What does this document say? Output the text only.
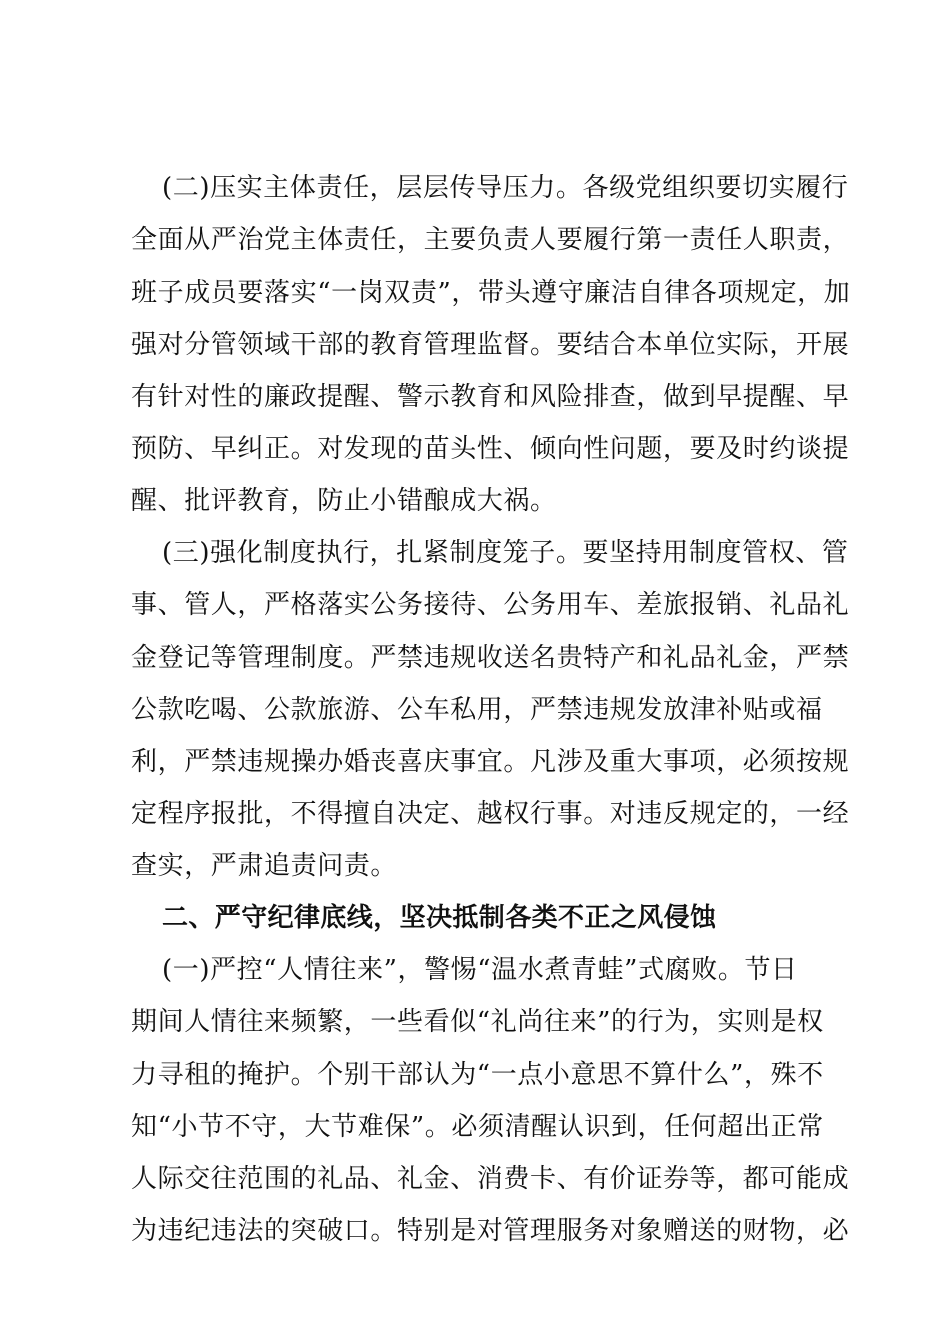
(二)压实主体责任，层层传导压力。各级党组织要切实履行
全面从严治党主体责任，主要负责人要履行第一责任人职责，
班子成员要落实“一岗双责”，带头遵守廉洁自律各项规定，加
强对分管领域干部的教育管理监督。要结合本单位实际，开展
有针对性的廉政提醒、警示教育和风险排查，做到早提醒、早
预防、早纠正。对发现的苗头性、倾向性问题，要及时约谈提
醒、批评教育，防止小错酿成大祸。
(三)强化制度执行，扎紧制度笼子。要坚持用制度管权、管
事、管人，严格落实公务接待、公务用车、差旅报销、礼品礼
金登记等管理制度。严禁违规收送名贵特产和礼品礼金，严禁
公款吃喝、公款旅游、公车私用，严禁违规发放津补贴或福
利，严禁违规操办婚丧喜庆事宜。凡涉及重大事项，必须按规
定程序报批，不得擅自决定、越权行事。对违反规定的，一经
查实，严肃追责问责。
二、严守纪律底线，坚决抵制各类不正之风侵蚀
(一)严控“人情往来”，警惕“温水煮青蛙”式腐败。节日
期间人情往来频繁，一些看似“礼尚往来”的行为，实则是权
力寻租的掩护。个别干部认为“一点小意思不算什么”，殊不
知“小节不守，大节难保”。必须清醒认识到，任何超出正常
人际交往范围的礼品、礼金、消费卡、有价证券等，都可能成
为违纪违法的突破口。特别是对管理服务对象赠送的财物，必
